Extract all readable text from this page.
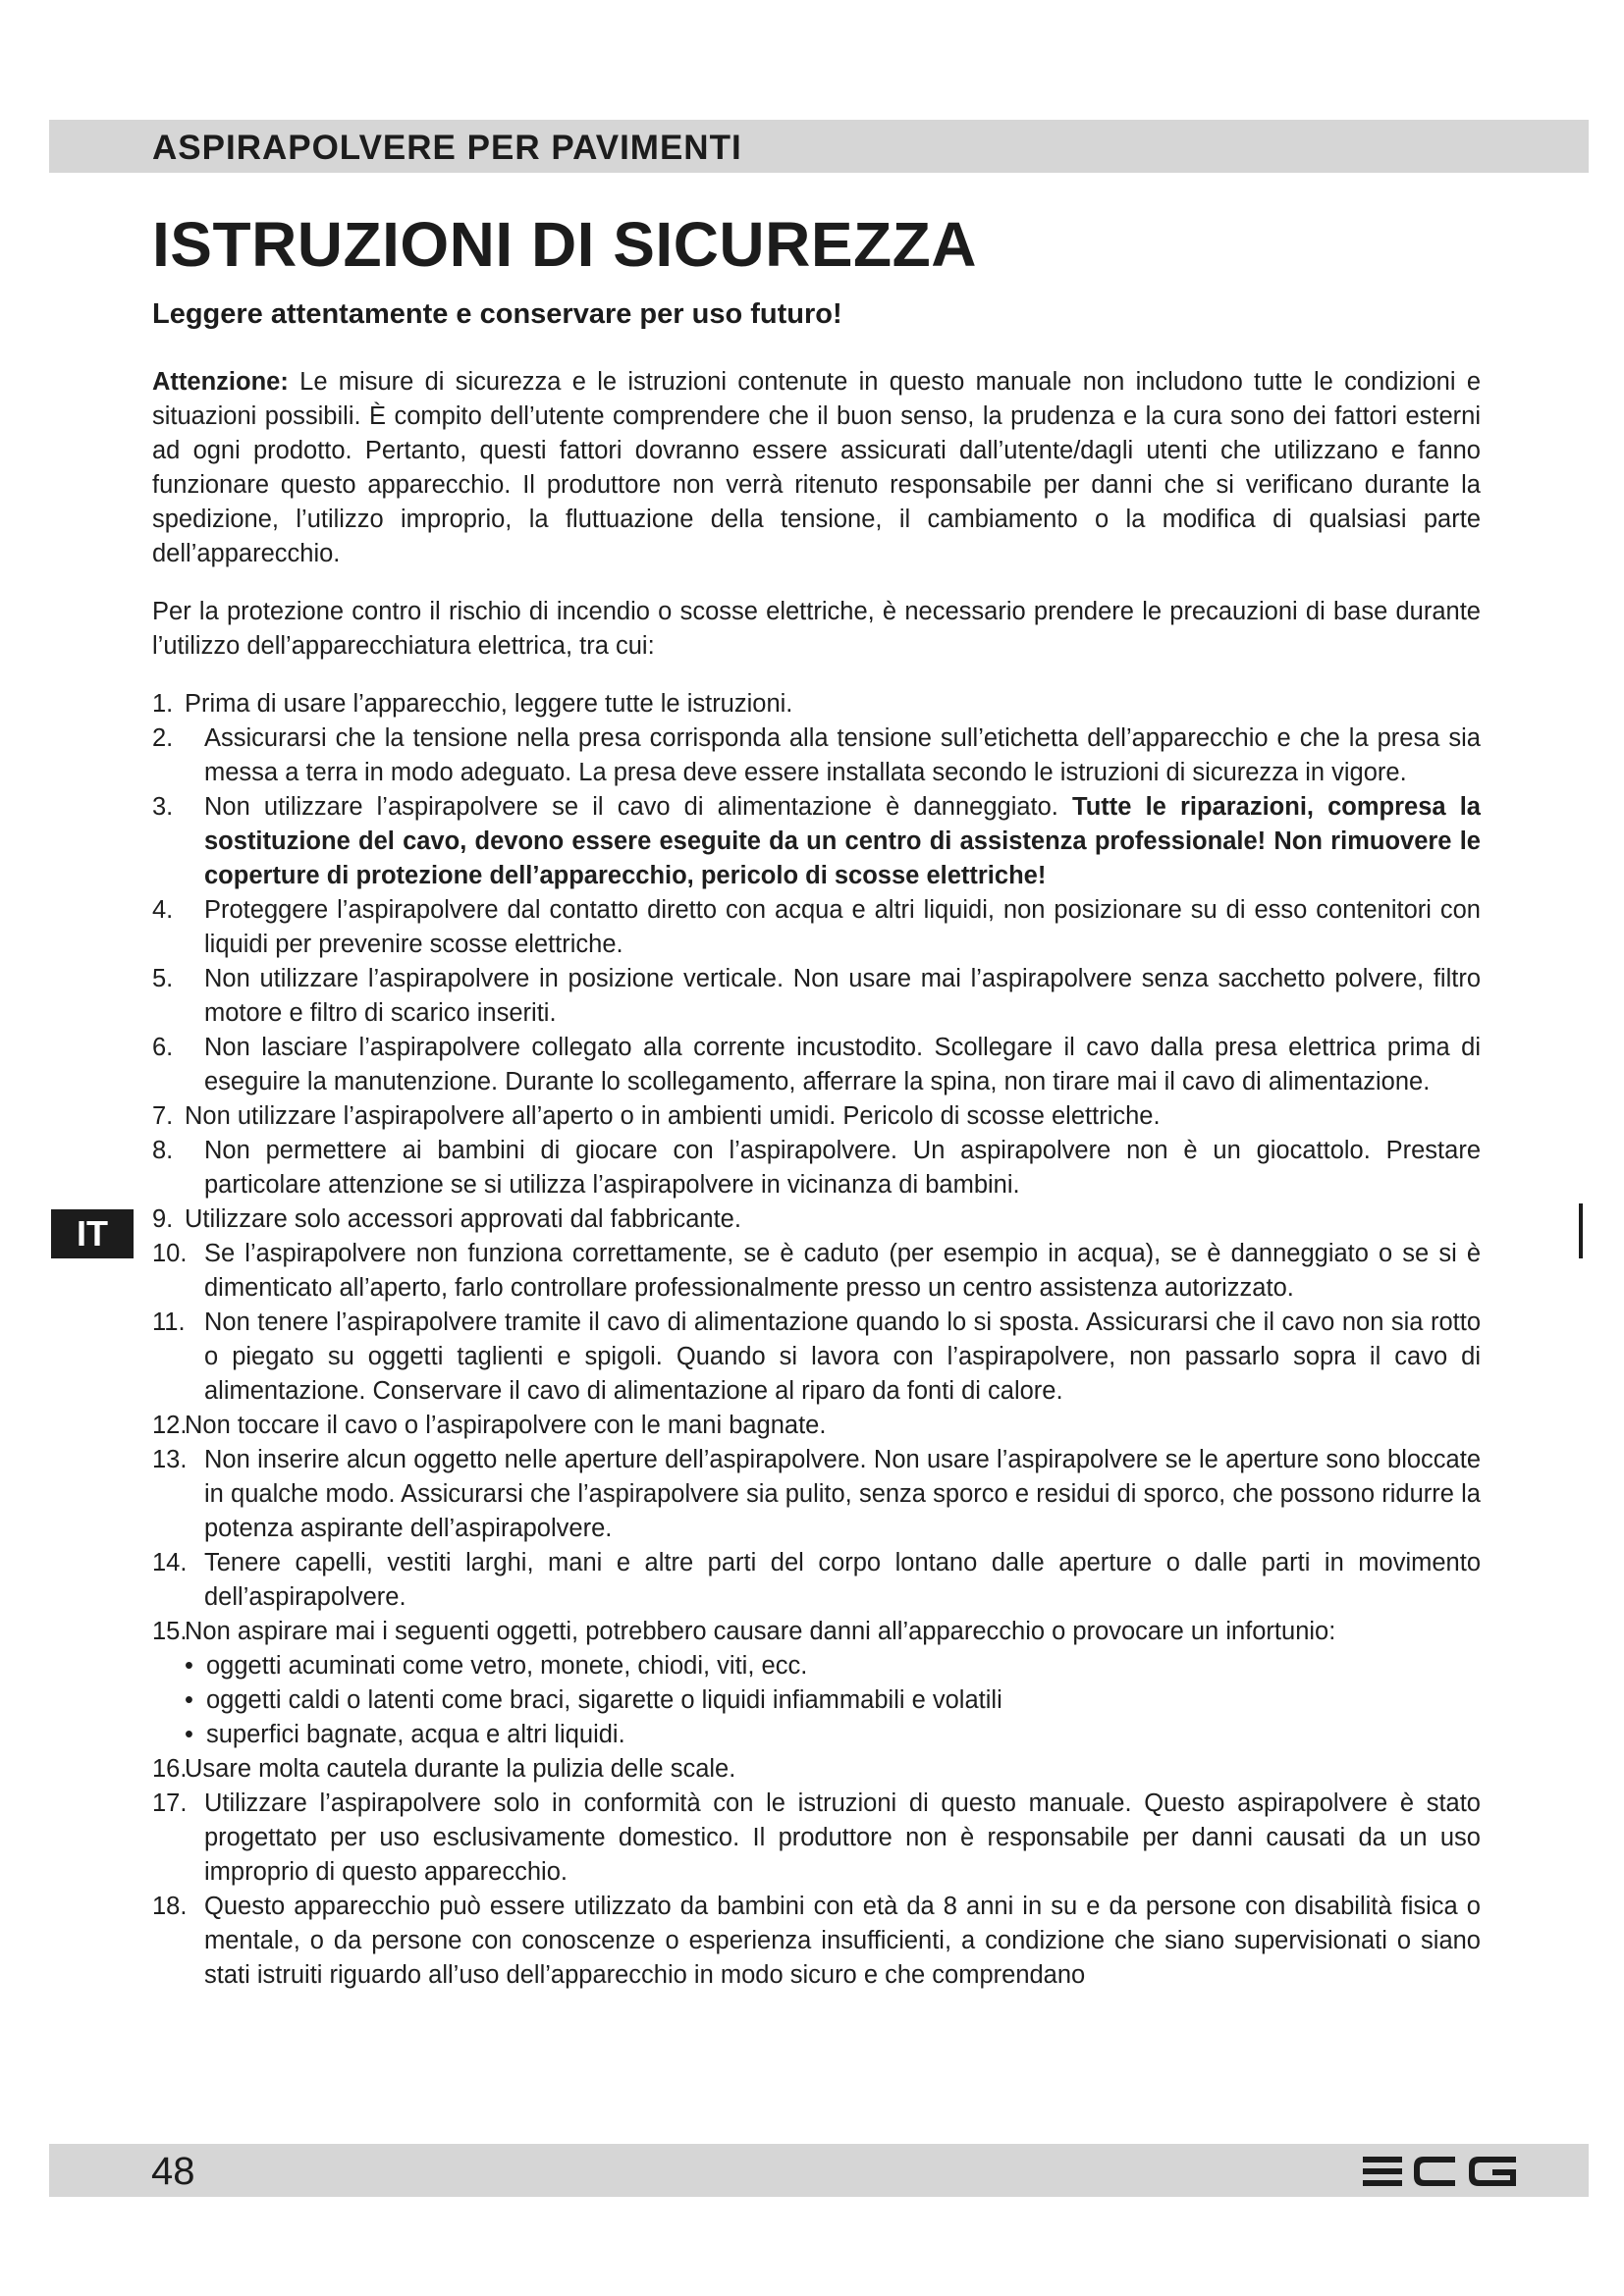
ASPIRAPOLVERE PER PAVIMENTI
ISTRUZIONI DI SICUREZZA
Leggere attentamente e conservare per uso futuro!

Attenzione: Le misure di sicurezza e le istruzioni contenute in questo manuale non includono tutte le condizioni e situazioni possibili. È compito dell’utente comprendere che il buon senso, la prudenza e la cura sono dei fattori esterni ad ogni prodotto. Pertanto, questi fattori dovranno essere assicurati dall’utente/dagli utenti che utilizzano e fanno funzionare questo apparecchio. Il produttore non verrà ritenuto responsabile per danni che si verificano durante la spedizione, l’utilizzo improprio, la fluttuazione della tensione, il cambiamento o la modifica di qualsiasi parte dell’apparecchio.

Per la protezione contro il rischio di incendio o scosse elettriche, è necessario prendere le precauzioni di base durante l’utilizzo dell’apparecchiatura elettrica, tra cui:

1. Prima di usare l’apparecchio, leggere tutte le istruzioni.
2. Assicurarsi che la tensione nella presa corrisponda alla tensione sull’etichetta dell’apparecchio e che la presa sia messa a terra in modo adeguato. La presa deve essere installata secondo le istruzioni di sicurezza in vigore.
3. Non utilizzare l’aspirapolvere se il cavo di alimentazione è danneggiato. Tutte le riparazioni, compresa la sostituzione del cavo, devono essere eseguite da un centro di assistenza professionale! Non rimuovere le coperture di protezione dell’apparecchio, pericolo di scosse elettriche!
4. Proteggere l’aspirapolvere dal contatto diretto con acqua e altri liquidi, non posizionare su di esso contenitori con liquidi per prevenire scosse elettriche.
5. Non utilizzare l’aspirapolvere in posizione verticale. Non usare mai l’aspirapolvere senza sacchetto polvere, filtro motore e filtro di scarico inseriti.
6. Non lasciare l’aspirapolvere collegato alla corrente incustodito. Scollegare il cavo dalla presa elettrica prima di eseguire la manutenzione. Durante lo scollegamento, afferrare la spina, non tirare mai il cavo di alimentazione.
7. Non utilizzare l’aspirapolvere all’aperto o in ambienti umidi. Pericolo di scosse elettriche.
8. Non permettere ai bambini di giocare con l’aspirapolvere. Un aspirapolvere non è un giocattolo. Prestare particolare attenzione se si utilizza l’aspirapolvere in vicinanza di bambini.
9. Utilizzare solo accessori approvati dal fabbricante.
10. Se l’aspirapolvere non funziona correttamente, se è caduto (per esempio in acqua), se è danneggiato o se si è dimenticato all’aperto, farlo controllare professionalmente presso un centro assistenza autorizzato.
11. Non tenere l’aspirapolvere tramite il cavo di alimentazione quando lo si sposta. Assicurarsi che il cavo non sia rotto o piegato su oggetti taglienti e spigoli. Quando si lavora con l’aspirapolvere, non passarlo sopra il cavo di alimentazione. Conservare il cavo di alimentazione al riparo da fonti di calore.
12.
Non toccare il cavo o l’aspirapolvere con le mani bagnate.
13. Non inserire alcun oggetto nelle aperture dell’aspirapolvere. Non usare l’aspirapolvere se le aperture sono bloccate in qualche modo. Assicurarsi che l’aspirapolvere sia pulito, senza sporco e residui di sporco, che possono ridurre la potenza aspirante dell’aspirapolvere.
14. Tenere capelli, vestiti larghi, mani e altre parti del corpo lontano dalle aperture o dalle parti in movimento dell’aspirapolvere.
15.
Non aspirare mai i seguenti oggetti, potrebbero causare danni all’apparecchio o provocare un infortunio:
• oggetti acuminati come vetro, monete, chiodi, viti, ecc.
• oggetti caldi o latenti come braci, sigarette o liquidi infiammabili e volatili
• superfici bagnate, acqua e altri liquidi.
16.
Usare molta cautela durante la pulizia delle scale.
17. Utilizzare l’aspirapolvere solo in conformità con le istruzioni di questo manuale. Questo aspirapolvere è stato progettato per uso esclusivamente domestico. Il produttore non è responsabile per danni causati da un uso improprio di questo apparecchio.
18. Questo apparecchio può essere utilizzato da bambini con età da 8 anni in su e da persone con disabilità fisica o mentale, o da persone con conoscenze o esperienza insufficienti, a condizione che siano supervisionati o siano stati istruiti riguardo all’uso dell’apparecchio in modo sicuro e che comprendano
IT
48
